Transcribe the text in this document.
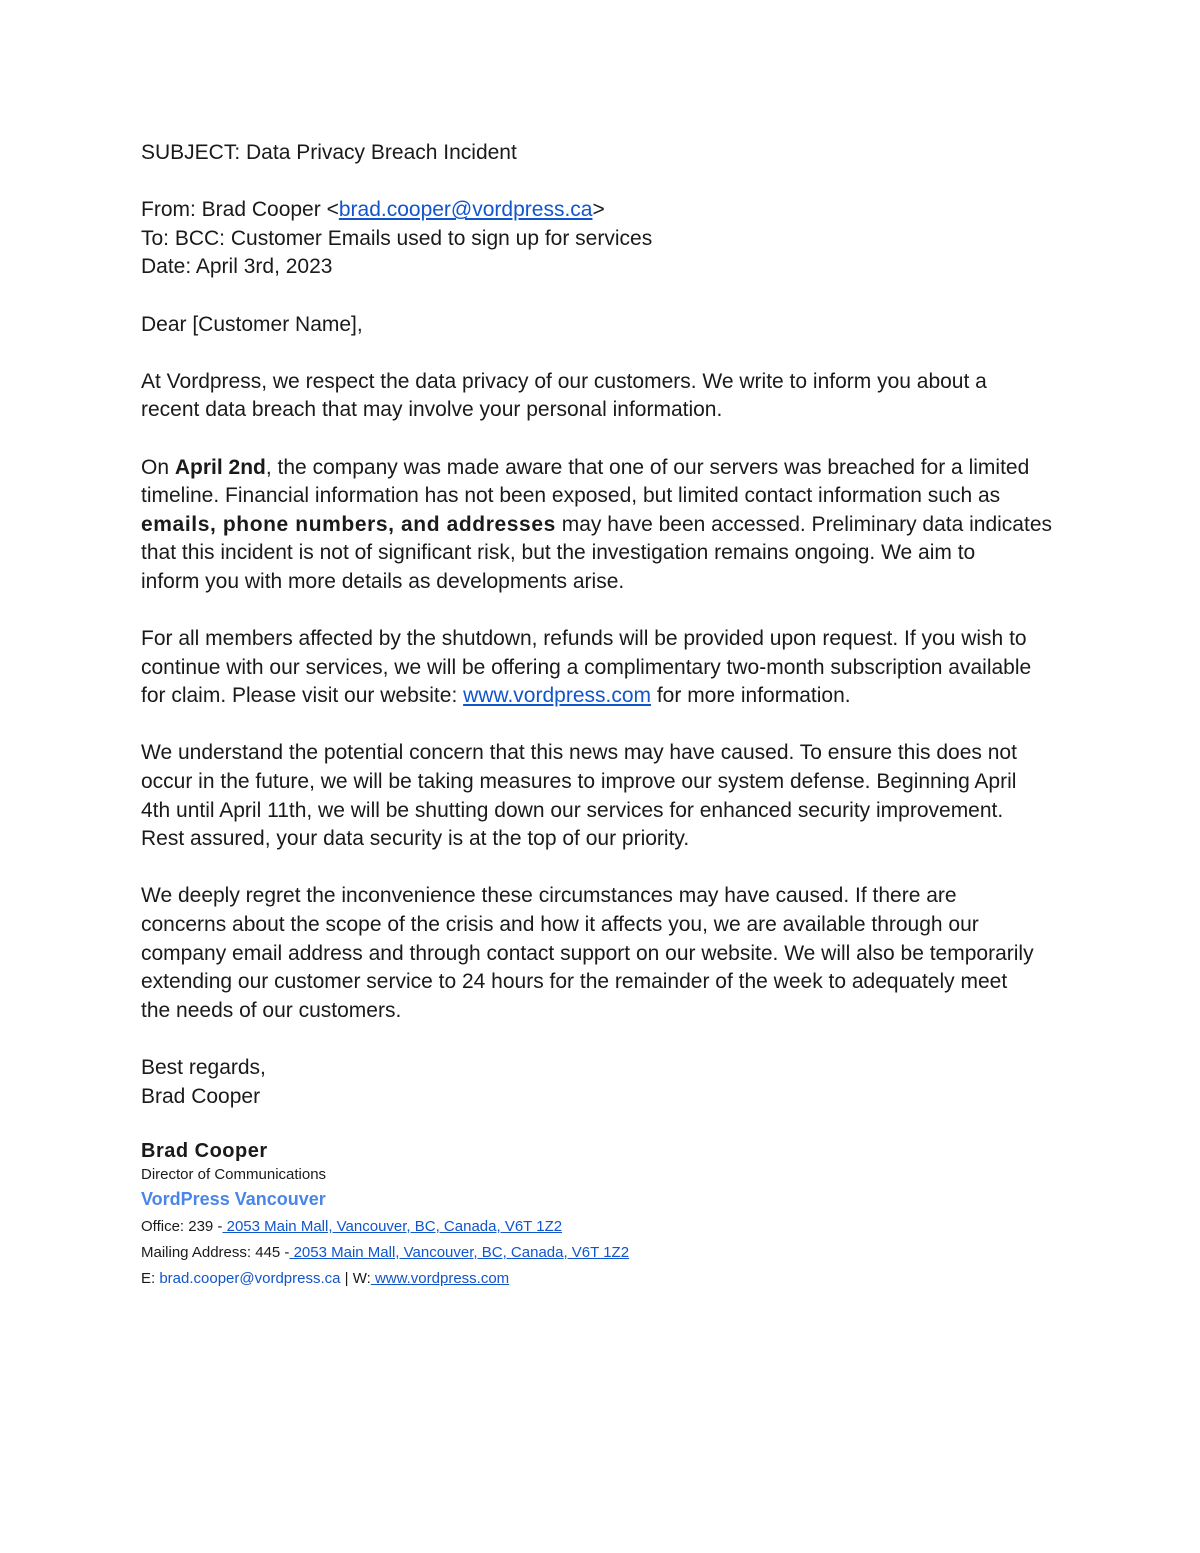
SUBJECT: Data Privacy Breach Incident

From: Brad Cooper <brad.cooper@vordpress.ca>

To: BCC: Customer Emails used to sign up for services

Date: April 3rd, 2023

Dear [Customer Name],

At Vordpress, we respect the data privacy of our customers. We write to inform you about a

recent data breach that may involve your personal information.

On April 2nd, the company was made aware that one of our servers was breached for a limited

timeline. Financial information has not been exposed, but limited contact information such as

emails, phone numbers, and addresses may have been accessed. Preliminary data indicates

that this incident is not of significant risk, but the investigation remains ongoing. We aim to

inform you with more details as developments arise.

For all members affected by the shutdown, refunds will be provided upon request. If you wish to

continue with our services, we will be offering a complimentary two-month subscription available

for claim. Please visit our website: www.vordpress.com for more information.

We understand the potential concern that this news may have caused. To ensure this does not

occur in the future, we will be taking measures to improve our system defense. Beginning April

4th until April 11th, we will be shutting down our services for enhanced security improvement.

Rest assured, your data security is at the top of our priority.

We deeply regret the inconvenience these circumstances may have caused. If there are

concerns about the scope of the crisis and how it affects you, we are available through our

company email address and through contact support on our website. We will also be temporarily

extending our customer service to 24 hours for the remainder of the week to adequately meet

the needs of our customers.

Best regards,

Brad Cooper

Brad Cooper

Director of Communications

VordPress Vancouver

Office: 239 - 2053 Main Mall, Vancouver, BC, Canada, V6T 1Z2

Mailing Address: 445 - 2053 Main Mall, Vancouver, BC, Canada, V6T 1Z2

E: brad.cooper@vordpress.ca | W: www.vordpress.com
